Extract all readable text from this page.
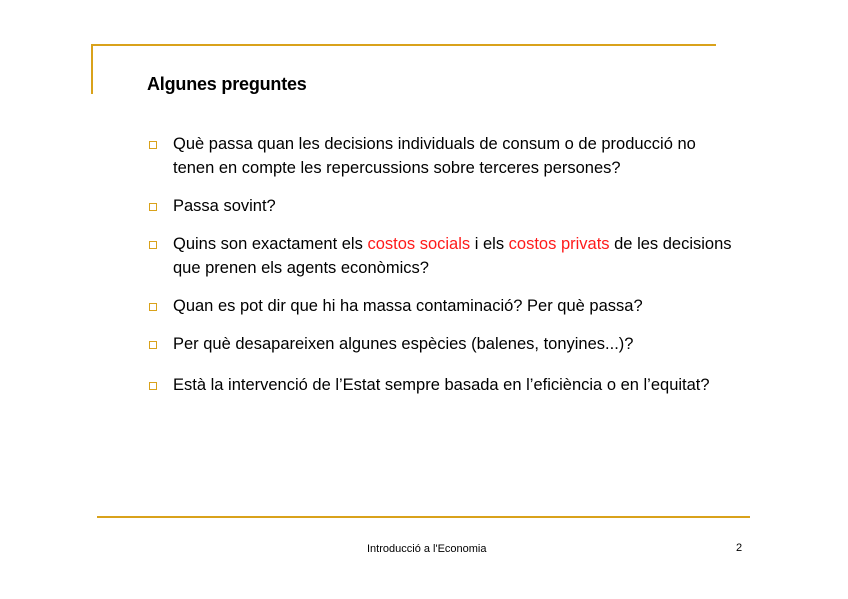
Algunes preguntes
Què passa quan les decisions individuals de consum o de producció no tenen en compte les repercussions sobre terceres persones?
Passa sovint?
Quins son exactament els costos socials i els costos privats de les decisions que prenen els agents econòmics?
Quan es pot dir que hi ha massa contaminació? Per què passa?
Per què desapareixen algunes espècies (balenes, tonyines...)?
Està la intervenció de l’Estat sempre basada en l’eficiència o en l’equitat?
Introducció a l'Economia	2
